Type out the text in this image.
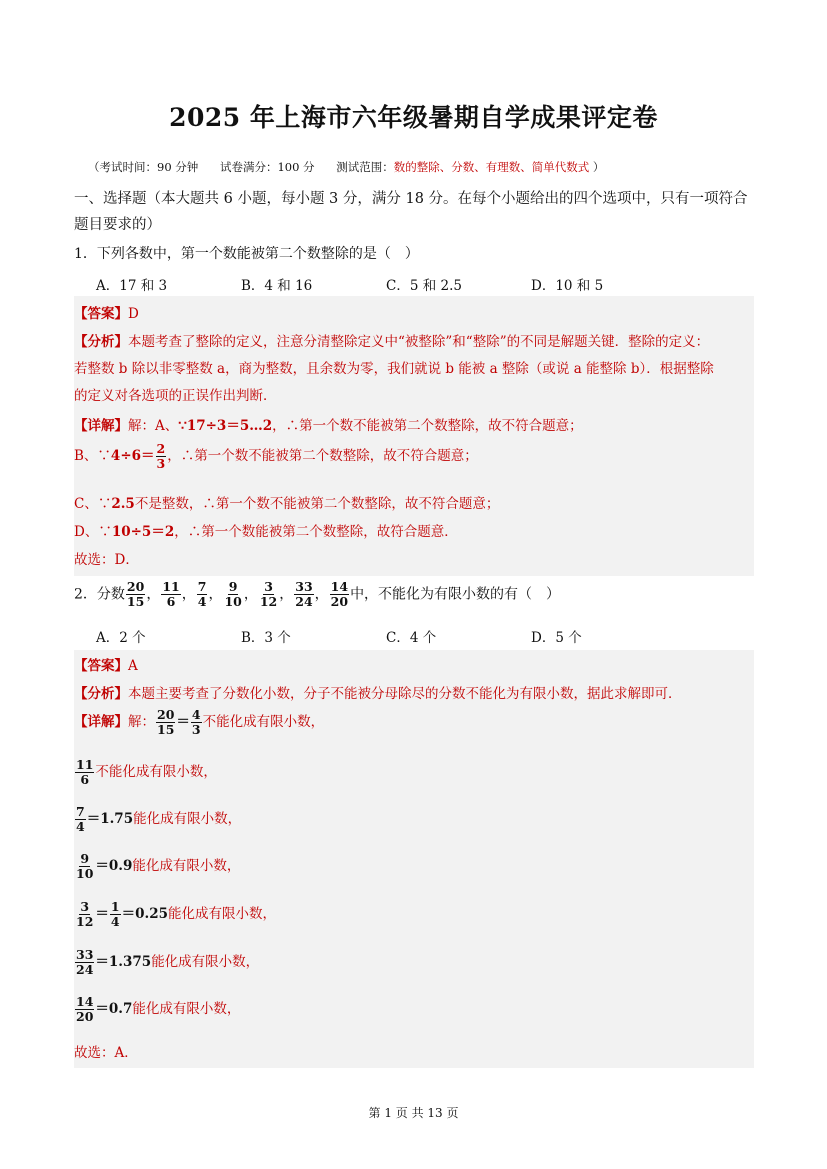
2025 年上海市六年级暑期自学成果评定卷
（考试时间：90 分钟 试卷满分：100 分 测试范围：数的整除、分数、有理数、简单代数式 ）
一、选择题（本大题共 6 小题，每小题 3 分，满分 18 分。在每个小题给出的四个选项中，只有一项符合题目要求的）
1．下列各数中，第一个数能被第二个数整除的是（　）
A．17 和 3	B．4 和 16	C．5 和 2.5	D．10 和 5
【答案】D
【分析】本题考查了整除的定义，注意分清整除定义中“被整除”和“整除”的不同是解题关键．整除的定义：
若整数 b 除以非零整数 a，商为整数，且余数为零，我们就说 b 能被 a 整除（或说 a 能整除 b）．根据整除
的定义对各选项的正误作出判断．
【详解】解：A、∵17÷3＝5…2，∴第一个数不能被第二个数整除，故不符合题意；
B、∵4÷6＝ $\frac{2}{3}$ ，∴第一个数不能被第二个数整除，故不符合题意；
C、∵2.5不是整数，∴第一个数不能被第二个数整除，故不符合题意；
D、∵10÷5＝2，∴第一个数能被第二个数整除，故符合题意．
故选：D．
2．分数 $\frac{20}{15}$ ， $\frac{11}{6}$ ， $\frac{7}{4}$ ， $\frac{9}{10}$ ， $\frac{3}{12}$ ， $\frac{33}{24}$ ， $\frac{14}{20}$ 中，不能化为有限小数的有（　）
A．2 个	B．3 个	C．4 个	D．5 个
【答案】A
【分析】本题主要考查了分数化小数，分子不能被分母除尽的分数不能化为有限小数，据此求解即可．
【详解】解： $\frac{20}{15} = \frac{4}{3}$ 不能化成有限小数，
$\frac{11}{6}$ 不能化成有限小数，
$\frac{7}{4} =1.75$能化成有限小数，
$\frac{9}{10} =0.9$能化成有限小数，
$\frac{3}{12} = \frac{1}{4} =0.25$能化成有限小数，
$\frac{33}{24} =1.375$能化成有限小数，
$\frac{14}{20} =0.7$能化成有限小数，
故选：A．
第 1 页 共 13 页
